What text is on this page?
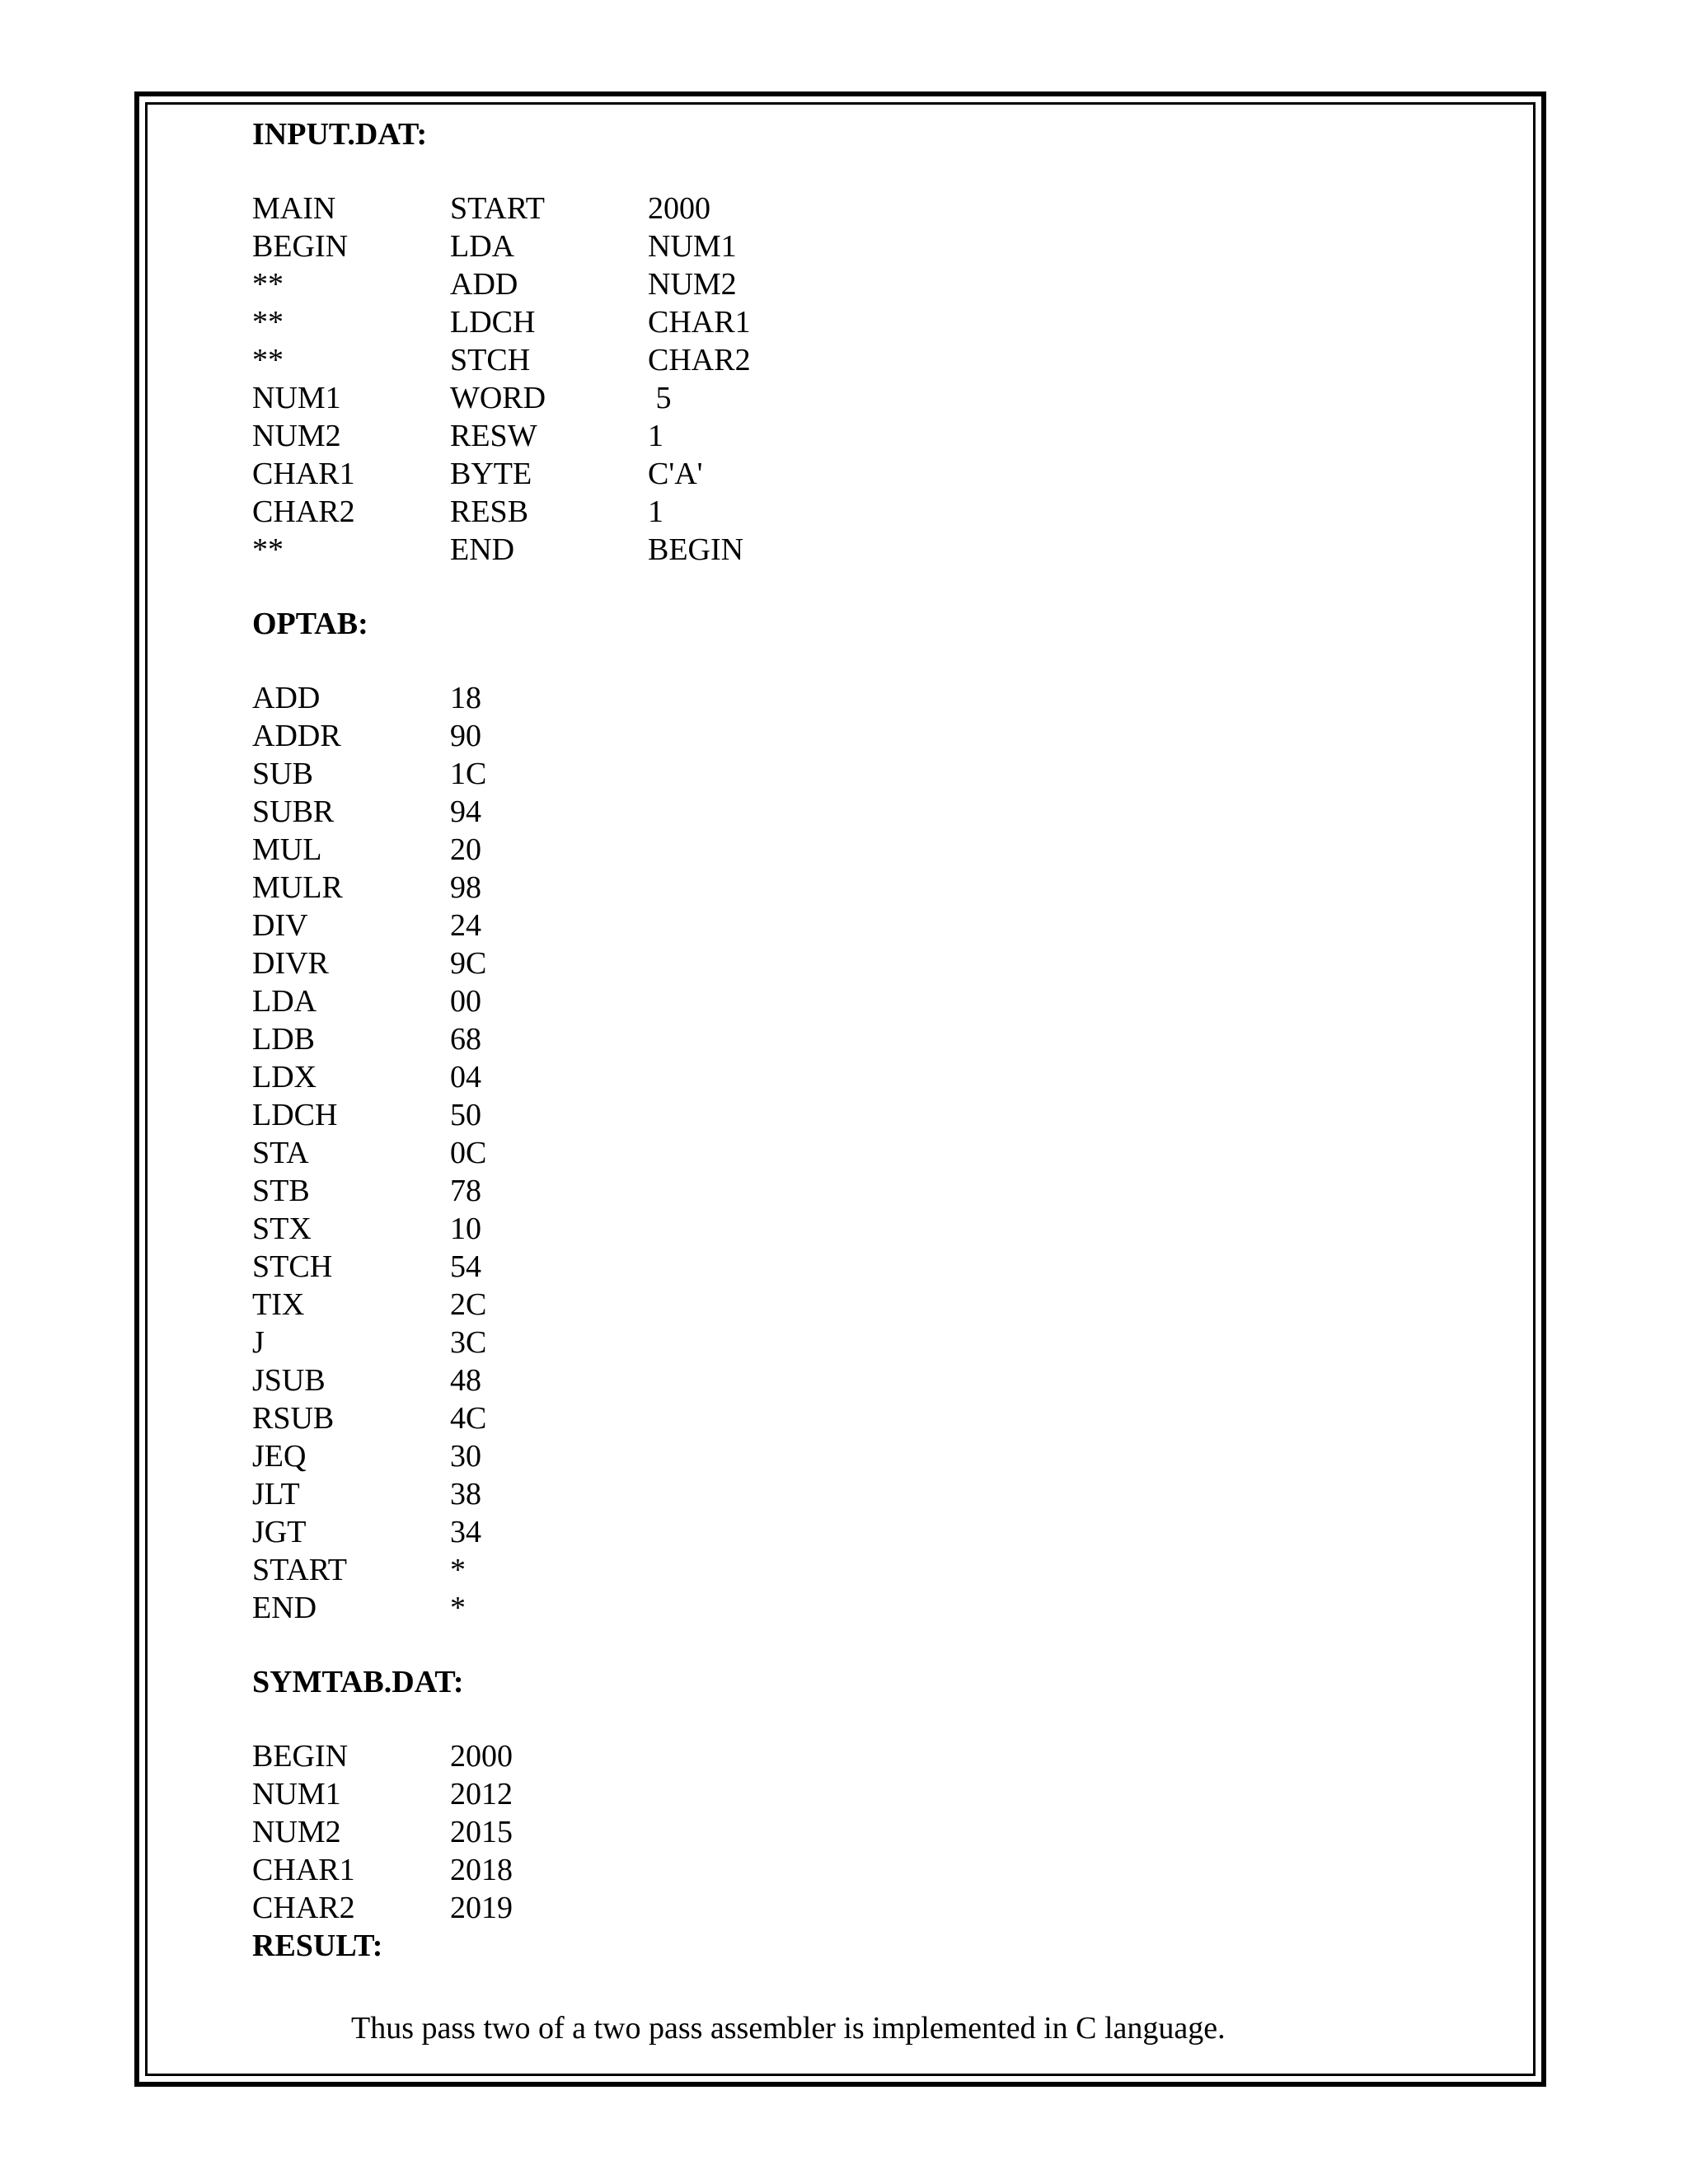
INPUT.DAT:
MAIN	START	2000
BEGIN	LDA	NUM1
**	ADD	NUM2
**	LDCH	CHAR1
**	STCH	CHAR2
NUM1	WORD	5
NUM2	RESW	1
CHAR1	BYTE	C'A'
CHAR2	RESB	1
**	END	BEGIN
OPTAB:
ADD	18
ADDR	90
SUB	1C
SUBR	94
MUL	20
MULR	98
DIV	24
DIVR	9C
LDA	00
LDB	68
LDX	04
LDCH	50
STA	0C
STB	78
STX	10
STCH	54
TIX	2C
J	3C
JSUB	48
RSUB	4C
JEQ	30
JLT	38
JGT	34
START	*
END	*
SYMTAB.DAT:
BEGIN	2000
NUM1	2012
NUM2	2015
CHAR1	2018
CHAR2	2019
RESULT:
Thus pass two of a two pass assembler is implemented in C language.
